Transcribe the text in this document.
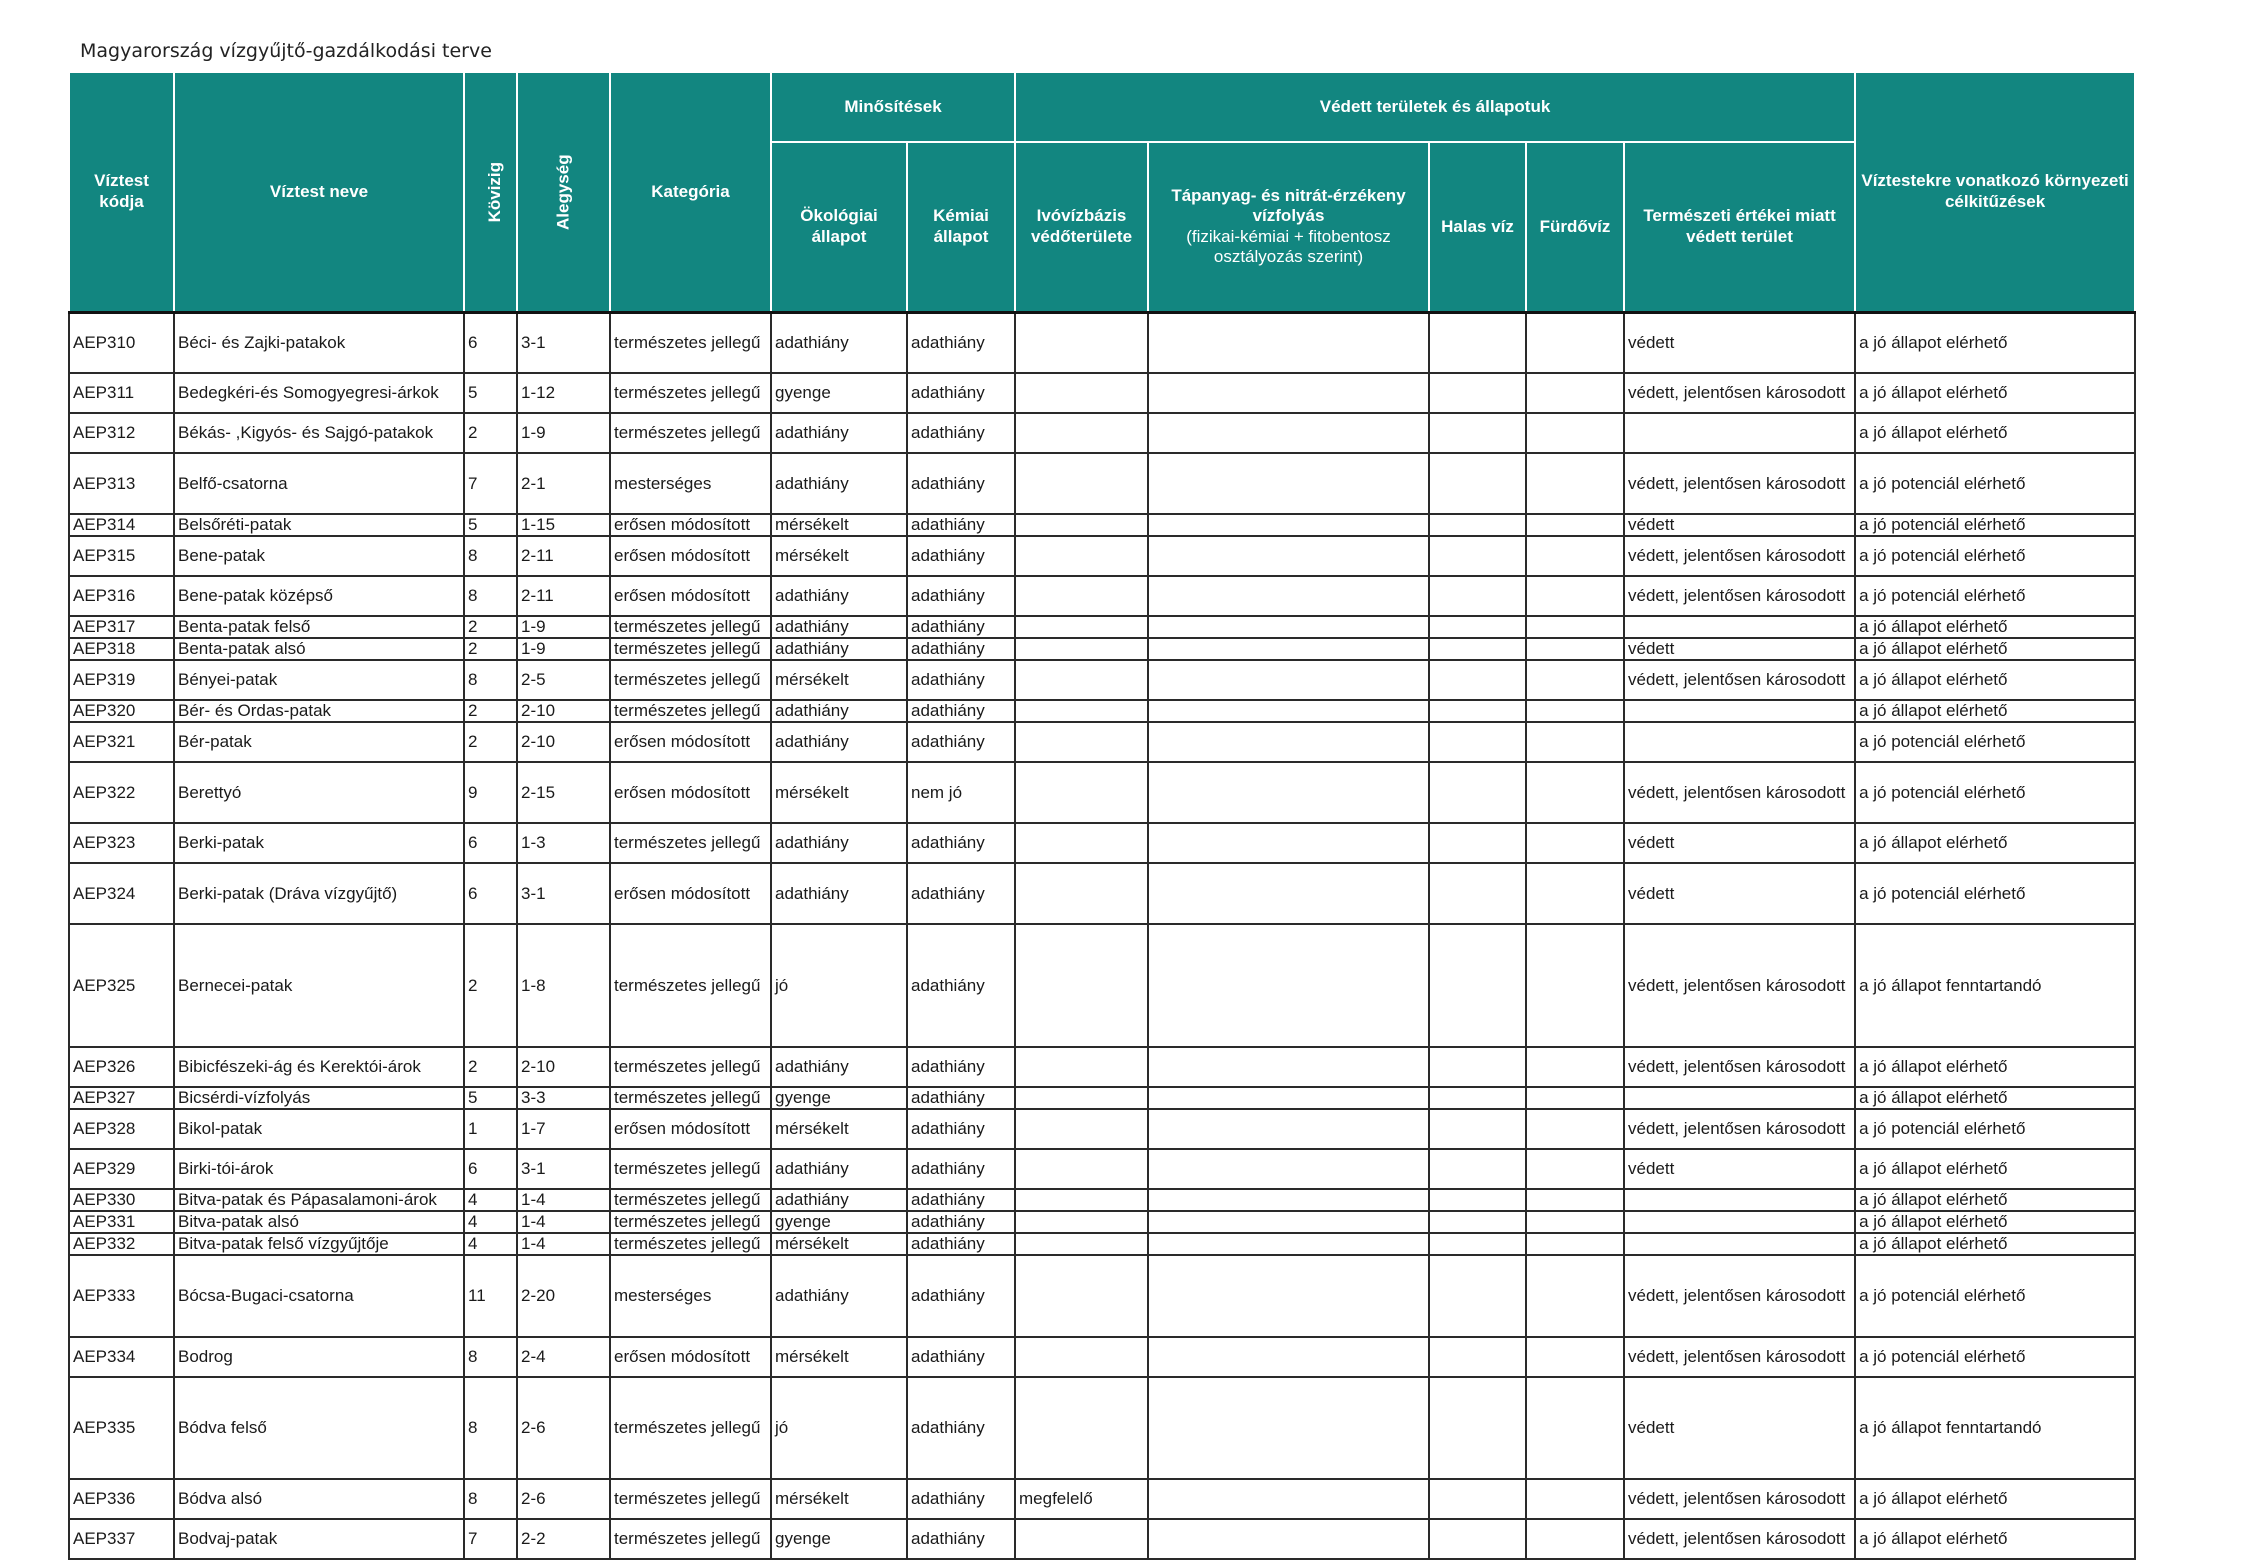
Magyarország vízgyűjtő-gazdálkodási terve
Víztest kódja	Víztest neve	Kövizig	Alegység	Kategória	Minősítések		Védett területek és állapotuk					Víztestekre vonatkozó környezeti célkitűzések
					Ökológiai állapot	Kémiai állapot	Ivóvízbázis védőterülete	Tápanyag- és nitrát-érzékeny vízfolyás
(fizikai-kémiai + fitobentosz osztályozás szerint)	Halas víz	Fürdővíz	Természeti értékei miatt védett terület	
AEP310	Béci- és Zajki-patakok	6	3-1	természetes jellegű	adathiány	adathiány					védett	a jó állapot elérhető
AEP311	Bedegkéri-és Somogyegresi-árkok	5	1-12	természetes jellegű	gyenge	adathiány					védett, jelentősen károsodott	a jó állapot elérhető
AEP312	Békás- ,Kigyós- és Sajgó-patakok	2	1-9	természetes jellegű	adathiány	adathiány						a jó állapot elérhető
AEP313	Belfő-csatorna	7	2-1	mesterséges	adathiány	adathiány					védett, jelentősen károsodott	a jó potenciál elérhető
AEP314	Belsőréti-patak	5	1-15	erősen módosított	mérsékelt	adathiány					védett	a jó potenciál elérhető
AEP315	Bene-patak	8	2-11	erősen módosított	mérsékelt	adathiány					védett, jelentősen károsodott	a jó potenciál elérhető
AEP316	Bene-patak középső	8	2-11	erősen módosított	adathiány	adathiány					védett, jelentősen károsodott	a jó potenciál elérhető
AEP317	Benta-patak felső	2	1-9	természetes jellegű	adathiány	adathiány						a jó állapot elérhető
AEP318	Benta-patak alsó	2	1-9	természetes jellegű	adathiány	adathiány					védett	a jó állapot elérhető
AEP319	Bényei-patak	8	2-5	természetes jellegű	mérsékelt	adathiány					védett, jelentősen károsodott	a jó állapot elérhető
AEP320	Bér- és Ordas-patak	2	2-10	természetes jellegű	adathiány	adathiány						a jó állapot elérhető
AEP321	Bér-patak	2	2-10	erősen módosított	adathiány	adathiány						a jó potenciál elérhető
AEP322	Berettyó	9	2-15	erősen módosított	mérsékelt	nem jó					védett, jelentősen károsodott	a jó potenciál elérhető
AEP323	Berki-patak	6	1-3	természetes jellegű	adathiány	adathiány					védett	a jó állapot elérhető
AEP324	Berki-patak (Dráva vízgyűjtő)	6	3-1	erősen módosított	adathiány	adathiány					védett	a jó potenciál elérhető
AEP325	Bernecei-patak	2	1-8	természetes jellegű	jó	adathiány					védett, jelentősen károsodott	a jó állapot fenntartandó
AEP326	Bibicfészeki-ág és Kerektói-árok	2	2-10	természetes jellegű	adathiány	adathiány					védett, jelentősen károsodott	a jó állapot elérhető
AEP327	Bicsérdi-vízfolyás	5	3-3	természetes jellegű	gyenge	adathiány						a jó állapot elérhető
AEP328	Bikol-patak	1	1-7	erősen módosított	mérsékelt	adathiány					védett, jelentősen károsodott	a jó potenciál elérhető
AEP329	Birki-tói-árok	6	3-1	természetes jellegű	adathiány	adathiány					védett	a jó állapot elérhető
AEP330	Bitva-patak és Pápasalamoni-árok	4	1-4	természetes jellegű	adathiány	adathiány						a jó állapot elérhető
AEP331	Bitva-patak alsó	4	1-4	természetes jellegű	gyenge	adathiány						a jó állapot elérhető
AEP332	Bitva-patak felső vízgyűjtője	4	1-4	természetes jellegű	mérsékelt	adathiány						a jó állapot elérhető
AEP333	Bócsa-Bugaci-csatorna	11	2-20	mesterséges	adathiány	adathiány					védett, jelentősen károsodott	a jó potenciál elérhető
AEP334	Bodrog	8	2-4	erősen módosított	mérsékelt	adathiány					védett, jelentősen károsodott	a jó potenciál elérhető
AEP335	Bódva felső	8	2-6	természetes jellegű	jó	adathiány					védett	a jó állapot fenntartandó
AEP336	Bódva alsó	8	2-6	természetes jellegű	mérsékelt	adathiány	megfelelő				védett, jelentősen károsodott	a jó állapot elérhető
AEP337	Bodvaj-patak	7	2-2	természetes jellegű	gyenge	adathiány					védett, jelentősen károsodott	a jó állapot elérhető
